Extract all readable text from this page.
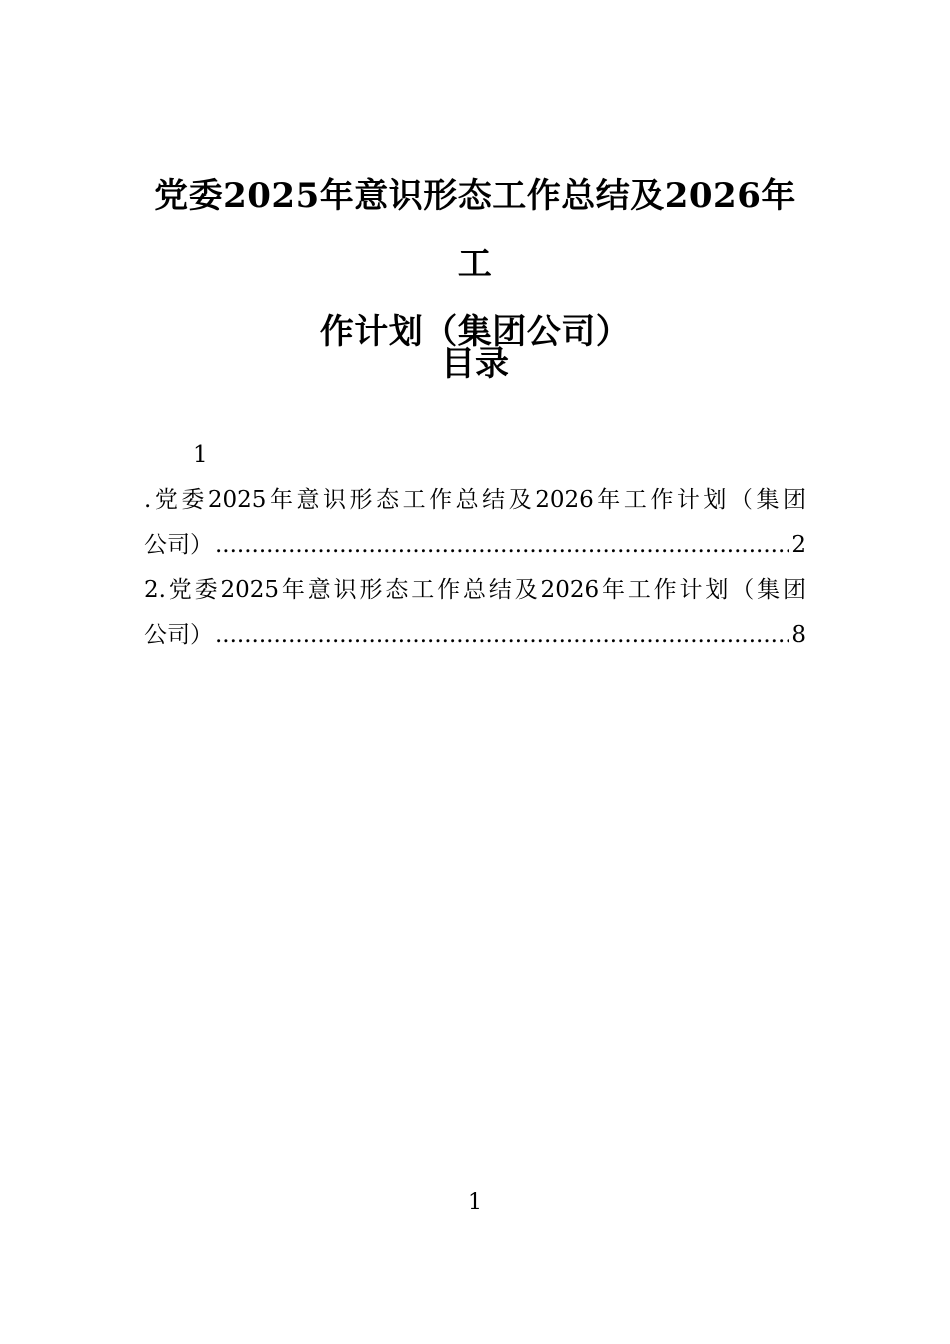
党委2025年意识形态工作总结及2026年工
作计划（集团公司）
目录
1
.党委2025年意识形态工作总结及2026年工作计划（集团
公司） .....	2
2.党委2025年意识形态工作总结及2026年工作计划（集团
公司） .....	8
1
